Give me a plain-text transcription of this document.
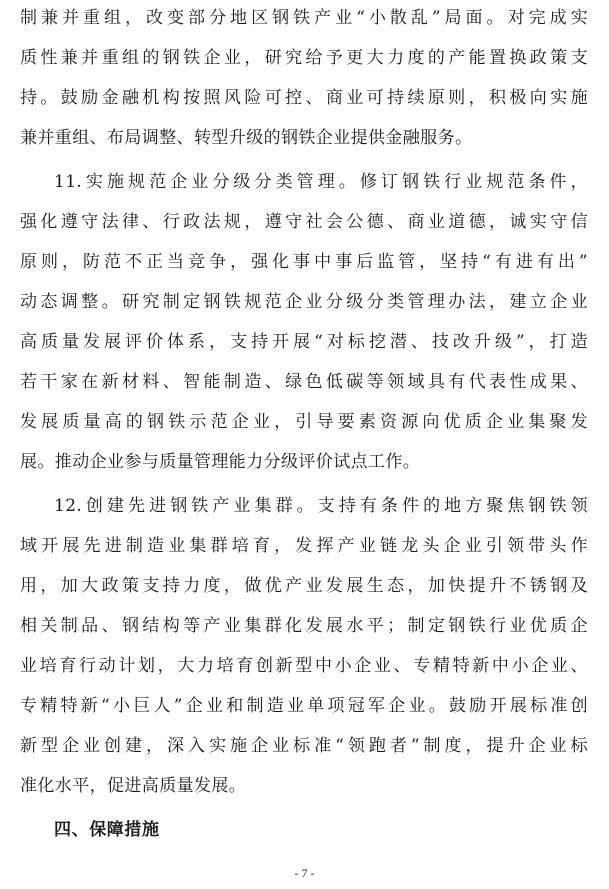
制兼并重组，改变部分地区钢铁产业“小散乱”局面。对完成实
质性兼并重组的钢铁企业，研究给予更大力度的产能置换政策支
持。鼓励金融机构按照风险可控、商业可持续原则，积极向实施
兼并重组、布局调整、转型升级的钢铁企业提供金融服务。
11.实施规范企业分级分类管理。修订钢铁行业规范条件，
强化遵守法律、行政法规，遵守社会公德、商业道德，诚实守信
原则，防范不正当竞争，强化事中事后监管，坚持“有进有出”
动态调整。研究制定钢铁规范企业分级分类管理办法，建立企业
高质量发展评价体系，支持开展“对标挖潜、技改升级”，打造
若干家在新材料、智能制造、绿色低碳等领域具有代表性成果、
发展质量高的钢铁示范企业，引导要素资源向优质企业集聚发
展。推动企业参与质量管理能力分级评价试点工作。
12.创建先进钢铁产业集群。支持有条件的地方聚焦钢铁领
域开展先进制造业集群培育，发挥产业链龙头企业引领带头作
用，加大政策支持力度，做优产业发展生态，加快提升不锈钢及
相关制品、钢结构等产业集群化发展水平；制定钢铁行业优质企
业培育行动计划，大力培育创新型中小企业、专精特新中小企业、
专精特新“小巨人”企业和制造业单项冠军企业。鼓励开展标准创
新型企业创建，深入实施企业标准“领跑者”制度，提升企业标
准化水平，促进高质量发展。
四、保障措施
- 7 -
